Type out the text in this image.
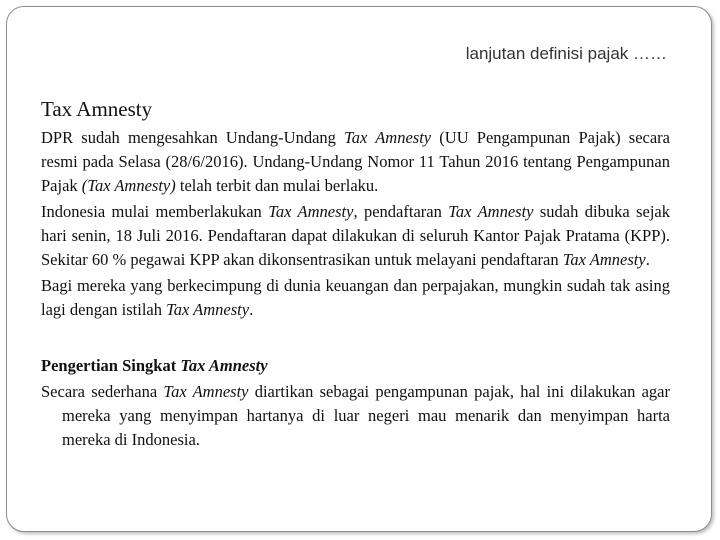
lanjutan definisi pajak ……
Tax Amnesty

DPR sudah mengesahkan Undang-Undang Tax Amnesty (UU Pengampunan Pajak) secara resmi pada Selasa (28/6/2016). Undang-Undang Nomor 11 Tahun 2016 tentang Pengampunan Pajak (Tax Amnesty) telah terbit dan mulai berlaku.

Indonesia mulai memberlakukan Tax Amnesty, pendaftaran Tax Amnesty sudah dibuka sejak hari senin, 18 Juli 2016. Pendaftaran dapat dilakukan di seluruh Kantor Pajak Pratama (KPP). Sekitar 60 % pegawai KPP akan dikonsentrasikan untuk melayani pendaftaran Tax Amnesty.

Bagi mereka yang berkecimpung di dunia keuangan dan perpajakan, mungkin sudah tak asing lagi dengan istilah Tax Amnesty.

Pengertian Singkat Tax Amnesty

Secara sederhana Tax Amnesty diartikan sebagai pengampunan pajak, hal ini dilakukan agar mereka yang menyimpan hartanya di luar negeri mau menarik dan menyimpan harta mereka di Indonesia.
